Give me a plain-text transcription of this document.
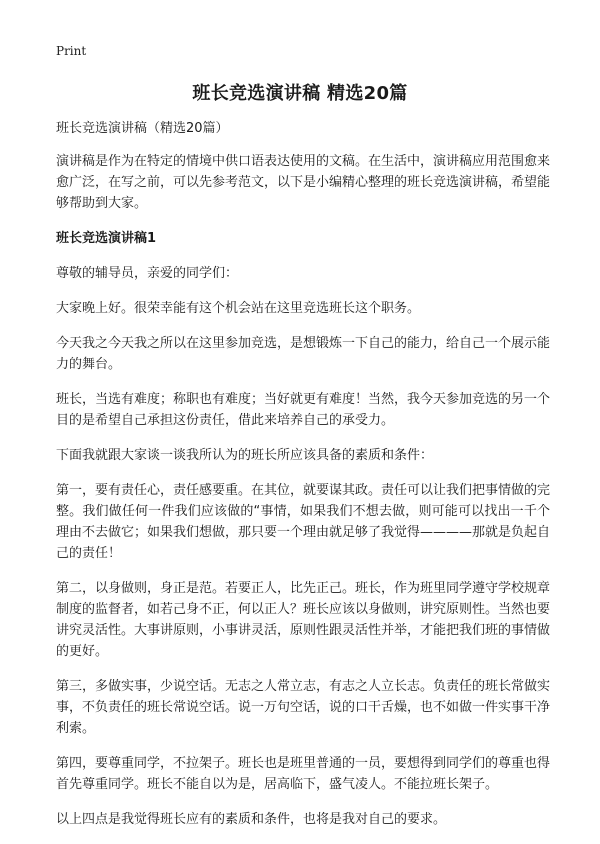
Print
班长竞选演讲稿 精选20篇

班长竞选演讲稿（精选20篇）

演讲稿是作为在特定的情境中供口语表达使用的文稿。在生活中，演讲稿应用范围愈来愈广泛，在写之前，可以先参考范文，以下是小编精心整理的班长竞选演讲稿，希望能够帮助到大家。

班长竞选演讲稿1

尊敬的辅导员，亲爱的同学们：

大家晚上好。很荣幸能有这个机会站在这里竞选班长这个职务。

今天我之今天我之所以在这里参加竞选，是想锻炼一下自己的能力，给自己一个展示能力的舞台。

班长，当选有难度；称职也有难度；当好就更有难度！当然，我今天参加竞选的另一个目的是希望自己承担这份责任，借此来培养自己的承受力。

下面我就跟大家谈一谈我所认为的班长所应该具备的素质和条件：

第一，要有责任心，责任感要重。在其位，就要谋其政。责任可以让我们把事情做的完整。我们做任何一件我们应该做的“事情，如果我们不想去做，则可能可以找出一千个理由不去做它；如果我们想做，那只要一个理由就足够了我觉得————那就是负起自己的责任！

第二，以身做则，身正是范。若要正人，比先正己。班长，作为班里同学遵守学校规章制度的监督者，如若己身不正，何以正人？班长应该以身做则，讲究原则性。当然也要讲究灵活性。大事讲原则，小事讲灵活，原则性跟灵活性并举，才能把我们班的事情做的更好。

第三，多做实事，少说空话。无志之人常立志，有志之人立长志。负责任的班长常做实事，不负责任的班长常说空话。说一万句空话，说的口干舌燥，也不如做一件实事干净利索。

第四，要尊重同学，不拉架子。班长也是班里普通的一员，要想得到同学们的尊重也得首先尊重同学。班长不能自以为是，居高临下，盛气凌人。不能拉班长架子。

以上四点是我觉得班长应有的素质和条件，也将是我对自己的要求。
